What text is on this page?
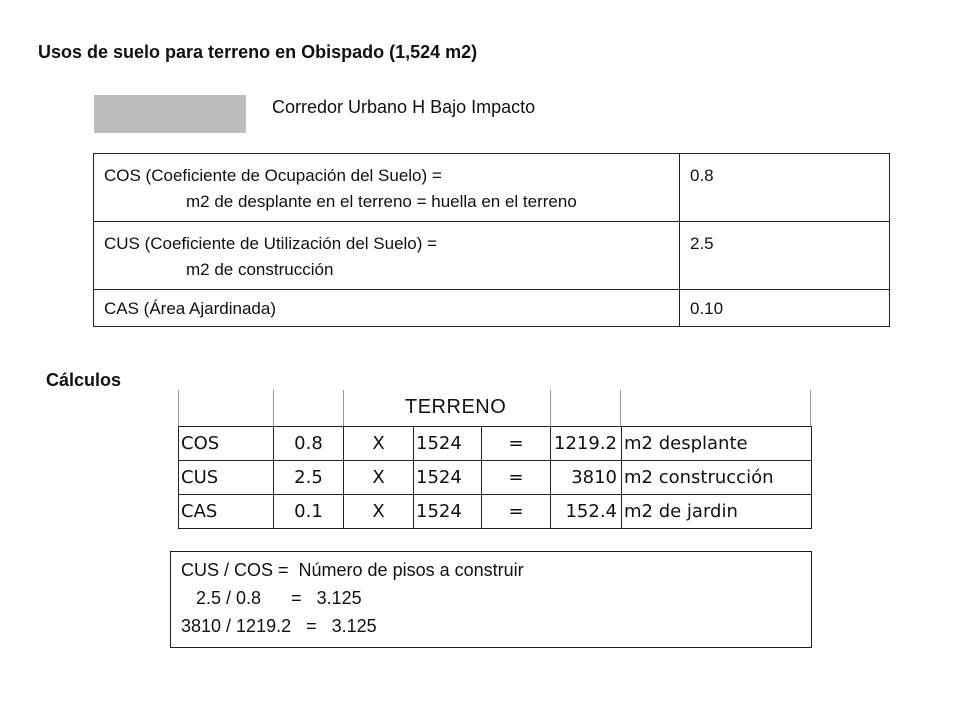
Usos de suelo para terreno en Obispado (1,524 m2)
Corredor Urbano H Bajo Impacto
COS (Coeficiente de Ocupación del Suelo) =
m2 de desplante en el terreno = huella en el terreno	0.8
CUS (Coeficiente de Utilización del Suelo) =
m2 de construcción	2.5
CAS (Área Ajardinada)	0.10
Cálculos
TERRENO
COS	0.8	X	1524	=	1219.2	m2 desplante
CUS	2.5	X	1524	=	3810	m2 construcción
CAS	0.1	X	1524	=	152.4	m2 de jardin
CUS / COS =  Número de pisos a construir
2.5 / 0.8      =   3.125
3810 / 1219.2   =   3.125
